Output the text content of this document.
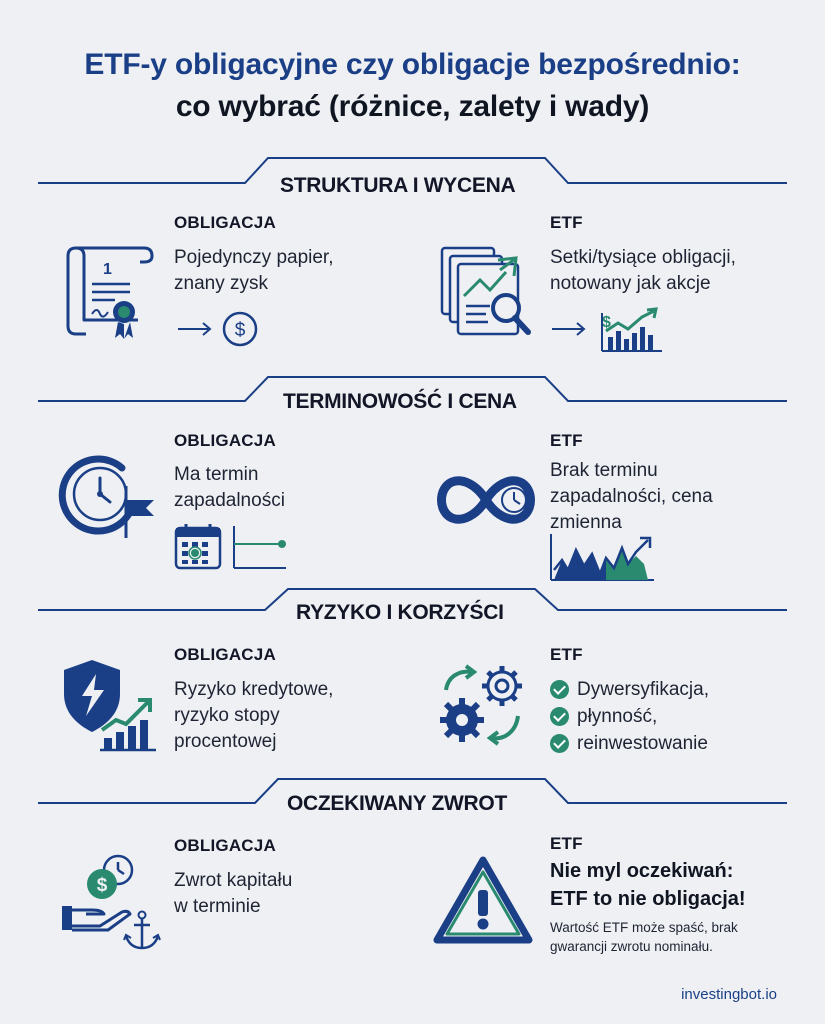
ETF-y obligacyjne czy obligacje bezpośrednio:
co wybrać (różnice, zalety i wady)
STRUKTURA I WYCENA
TERMINOWOŚĆ I CENA
RYZYKO I KORZYŚCI
OCZEKIWANY ZWROT
OBLIGACJA
Pojedynczy papier,
znany zysk
ETF
Setki/tysiące obligacji,
notowany jak akcje
1
$	$
OBLIGACJA
Ma termin
zapadalności
ETF
Brak terminu
zapadalności, cena
zmienna
OBLIGACJA
Ryzyko kredytowe,
ryzyko stopy
procentowej
ETF
Dywersyfikacja,
płynność,
reinwestowanie
OBLIGACJA
Zwrot kapitału
w terminie
ETF
Nie myl oczekiwań:
ETF to nie obligacja!
Wartość ETF może spaść, brak
gwarancji zwrotu nominału.
$
investingbot.io
